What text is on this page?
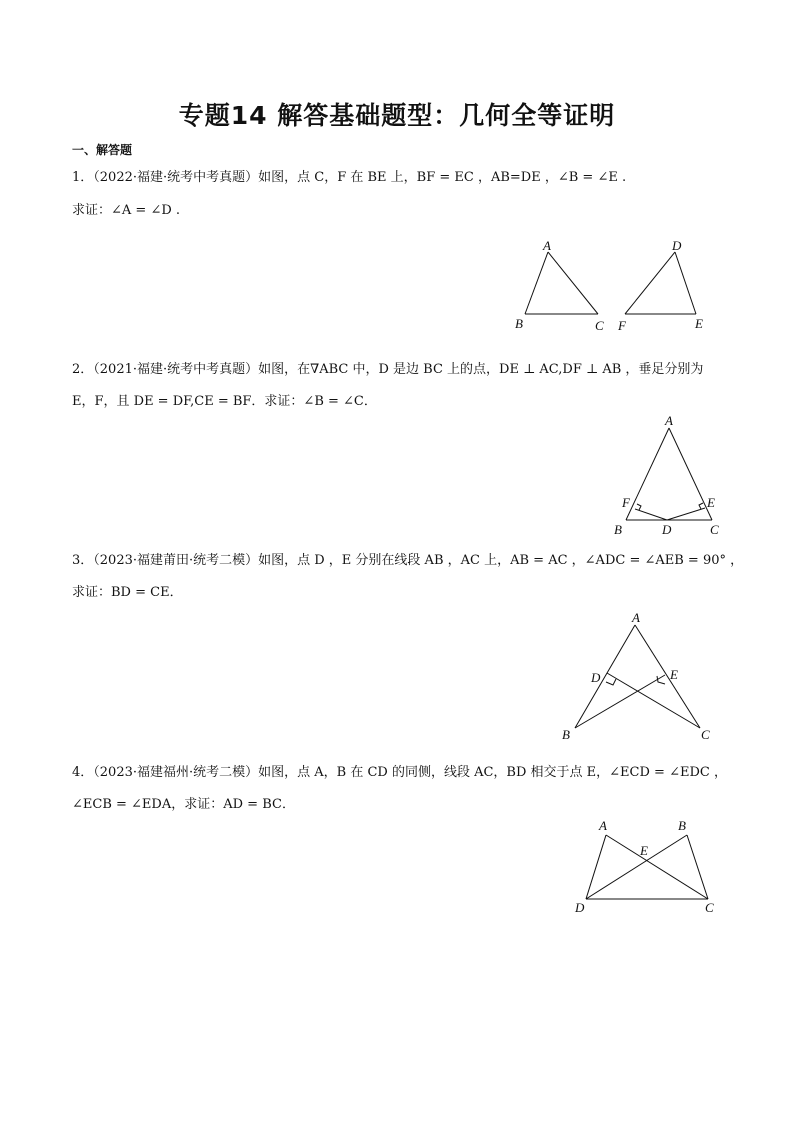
专题14 解答基础题型：几何全等证明
一、解答题
1．（2022·福建·统考中考真题）如图，点 C，F 在 BE 上，BF = EC ，AB=DE ，∠B = ∠E .
求证：∠A = ∠D .
A
B	C
D
E
F
2．（2021·福建·统考中考真题）如图，在∇ABC 中，D 是边 BC 上的点，DE ⊥ AC,DF ⊥ AB ，垂足分别为
E，F，且 DE = DF,CE = BF．求证：∠B = ∠C．
A
B	C
D
E
F
3．（2023·福建莆田·统考二模）如图，点 D ，E 分别在线段 AB ，AC 上，AB = AC ，∠ADC = ∠AEB = 90° ，
求证：BD = CE．
A
B	C
D	E
4．（2023·福建福州·统考二模）如图，点 A，B 在 CD 的同侧，线段 AC，BD 相交于点 E，∠ECD = ∠EDC ，
∠ECB = ∠EDA，求证：AD = BC．
A	B
C
D
E
